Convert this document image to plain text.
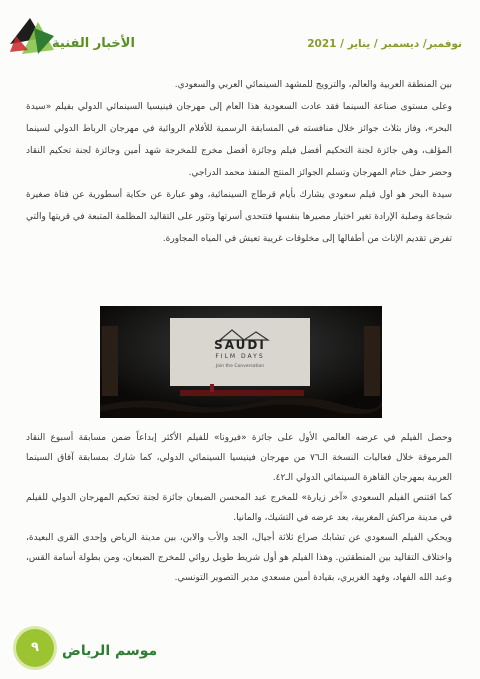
الأخبار الفنية	نوفمبر/ ديسمبر / يناير / 2021

بين المنطقة العربية والعالم، والترويج للمشهد السينمائي العربي والسعودي.

وعلى مستوى صناعة السينما فقد عادت السعودية هذا العام إلى مهرجان فينيسيا السينمائي الدولي بفيلم «سيدة البحر»، وفاز بثلاث جوائز خلال منافسته في المسابقة الرسمية للأفلام الروائية في مهرجان الرباط الدولي لسينما المؤلف، وهي جائزة لجنة التحكيم أفضل فيلم وجائزة أفضل مخرج للمخرجة شهد أمين وجائزة لجنة تحكيم النقاد وحضر حفل ختام المهرجان وتسلم الجوائز المنتج المنفذ محمد الدراجي.

سيدة البحر هو اول فيلم سعودي يشارك بأيام قرطاج السينمائية، وهو عبارة عن حكاية أسطورية عن فتاة صغيرة شجاعة وصلبة الإرادة تغير اختيار مصيرها بنفسها فتتحدى أسرتها وتثور على التقاليد المظلمة المتبعة في قريتها والتي تفرض تقديم الإناث من أطفالها إلى مخلوقات غريبة تعيش في المياه المجاورة.

SAUDI
FILM DAYS
Join the Conversation

وحصل الفيلم في عرضه العالمي الأول على جائزة «فيرونا» للفيلم الأكثر إبداعاً ضمن مسابقة أسبوع النقاد المرموقة خلال فعاليات النسخة الـ٧٦ من مهرجان فينيسيا السينمائي الدولي، كما شارك بمسابقة آفاق السينما العربية بمهرجان القاهرة السينمائي الدولي الـ٤٢.

كما اقتنص الفيلم السعودي «آخر زيارة» للمخرج عبد المحسن الضبعان جائزة لجنة تحكيم المهرجان الدولي للفيلم في مدينة مراكش المغربية، بعد عرضه في التشيك، والمانيا.

ويحكي الفيلم السعودي عن تشابك صراع ثلاثة أجيال، الجد والأب والابن، بين مدينة الرياض وإحدى القرى البعيدة، واختلاف التقاليد بين المنطقتين. وهذا الفيلم هو أول شريط طويل روائي للمخرج الضبعان، ومن بطولة أسامة القس، وعبد الله الفهاد، وفهد الغريري، بقيادة أمين مسعدي مدير التصوير التونسي.

٩	موسم الرياض
